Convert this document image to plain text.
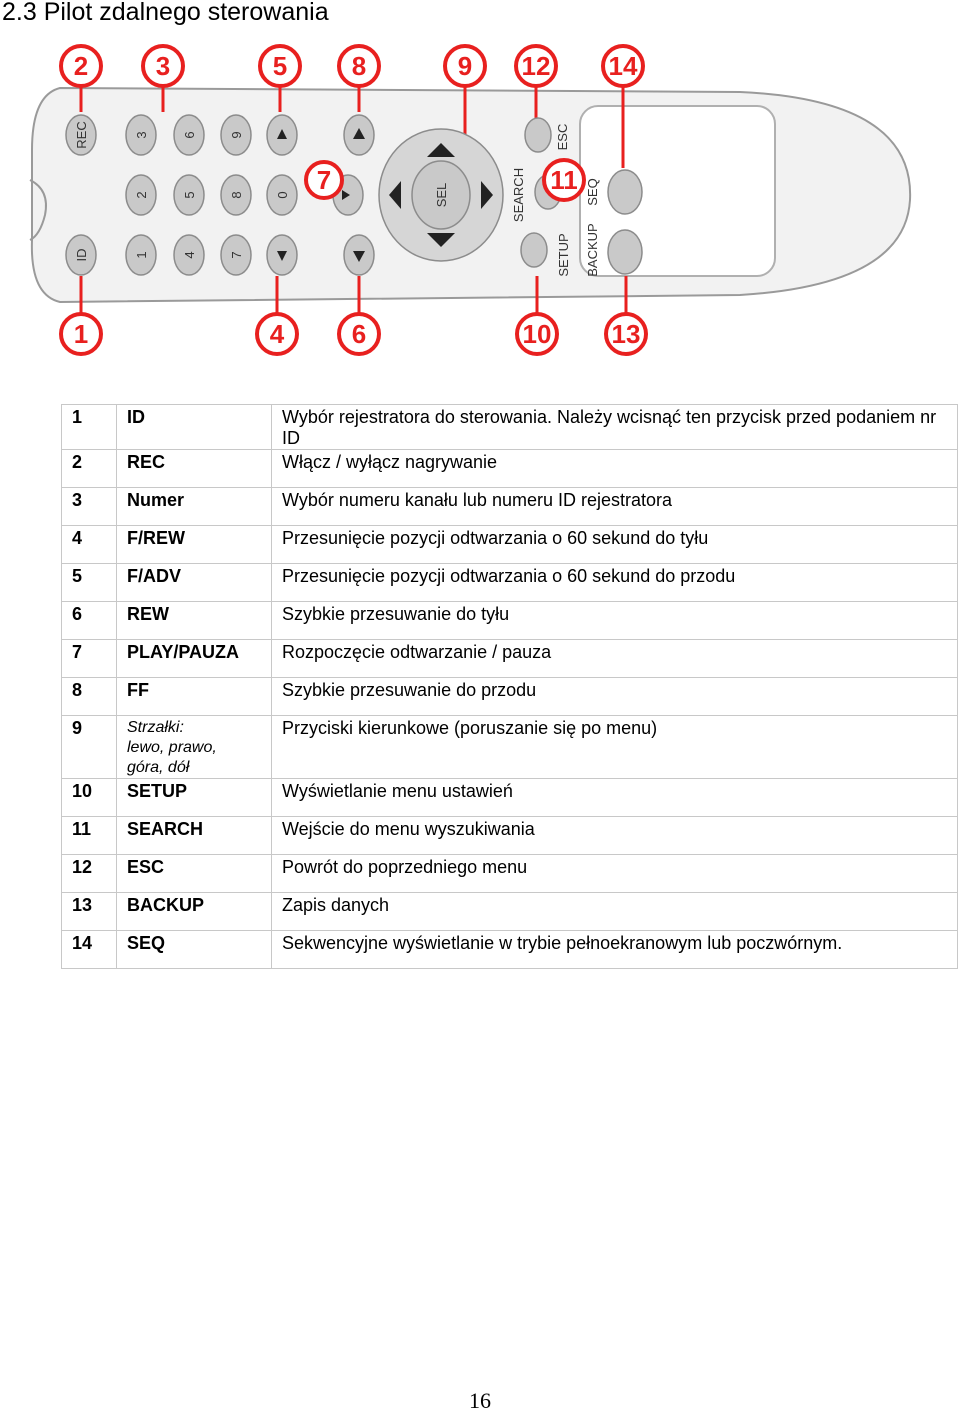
2.3 Pilot zdalnego sterowania
REC
ID
3
2
1
6
5
4
9
8
7
0	SEL	SEARCH
ESC
SETUP BACKUP
SEQ
2	3	5 8	9 12 14
7	11
1	4	6	10 13
1	ID	Wybór rejestratora do sterowania. Należy wcisnąć ten przycisk przed podaniem nr ID
2	REC	Włącz / wyłącz nagrywanie
3	Numer	Wybór numeru kanału lub numeru ID rejestratora
4	F/REW	Przesunięcie pozycji odtwarzania o 60 sekund do tyłu
5	F/ADV	Przesunięcie pozycji odtwarzania o 60 sekund do przodu
6	REW	Szybkie przesuwanie do tyłu
7	PLAY/PAUZA	Rozpoczęcie odtwarzanie / pauza
8	FF	Szybkie przesuwanie do przodu
9	Strzałki:
lewo, prawo,
góra, dół	Przyciski kierunkowe (poruszanie się po menu)
10	SETUP	Wyświetlanie menu ustawień
11	SEARCH	Wejście do menu wyszukiwania
12	ESC	Powrót do poprzedniego menu
13	BACKUP	Zapis danych
14	SEQ	Sekwencyjne wyświetlanie w trybie pełnoekranowym lub poczwórnym.
16
